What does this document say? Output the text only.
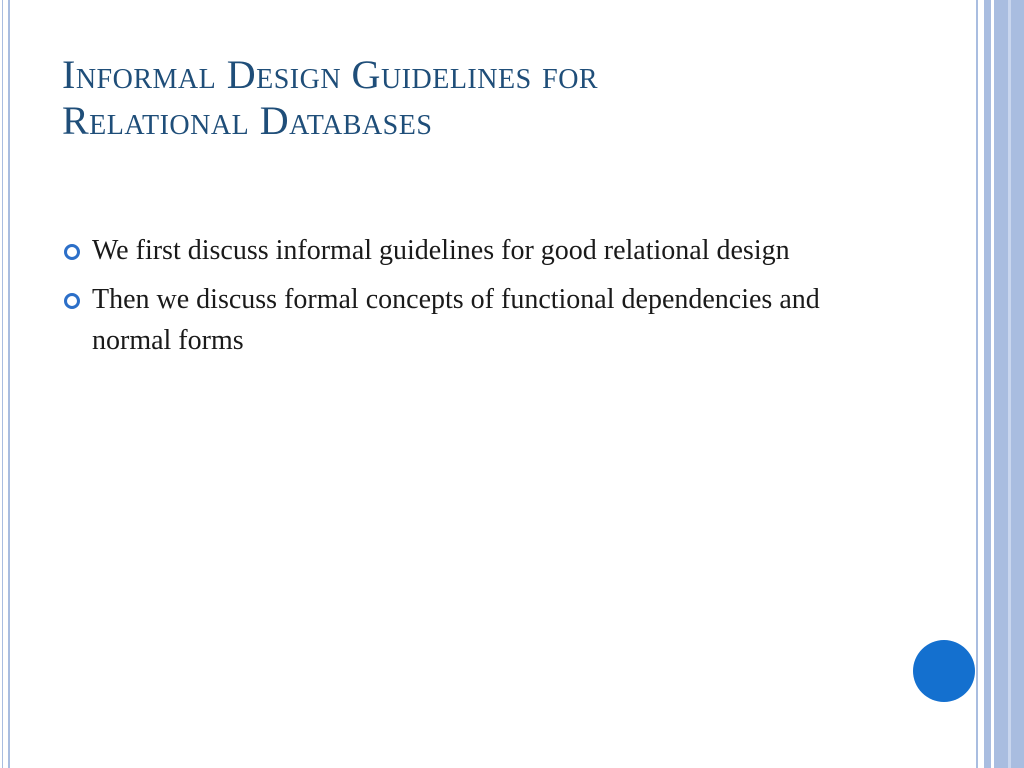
Informal Design Guidelines for
Relational Databases
We first discuss informal guidelines for good relational design
Then we discuss formal concepts of functional dependencies and normal forms
